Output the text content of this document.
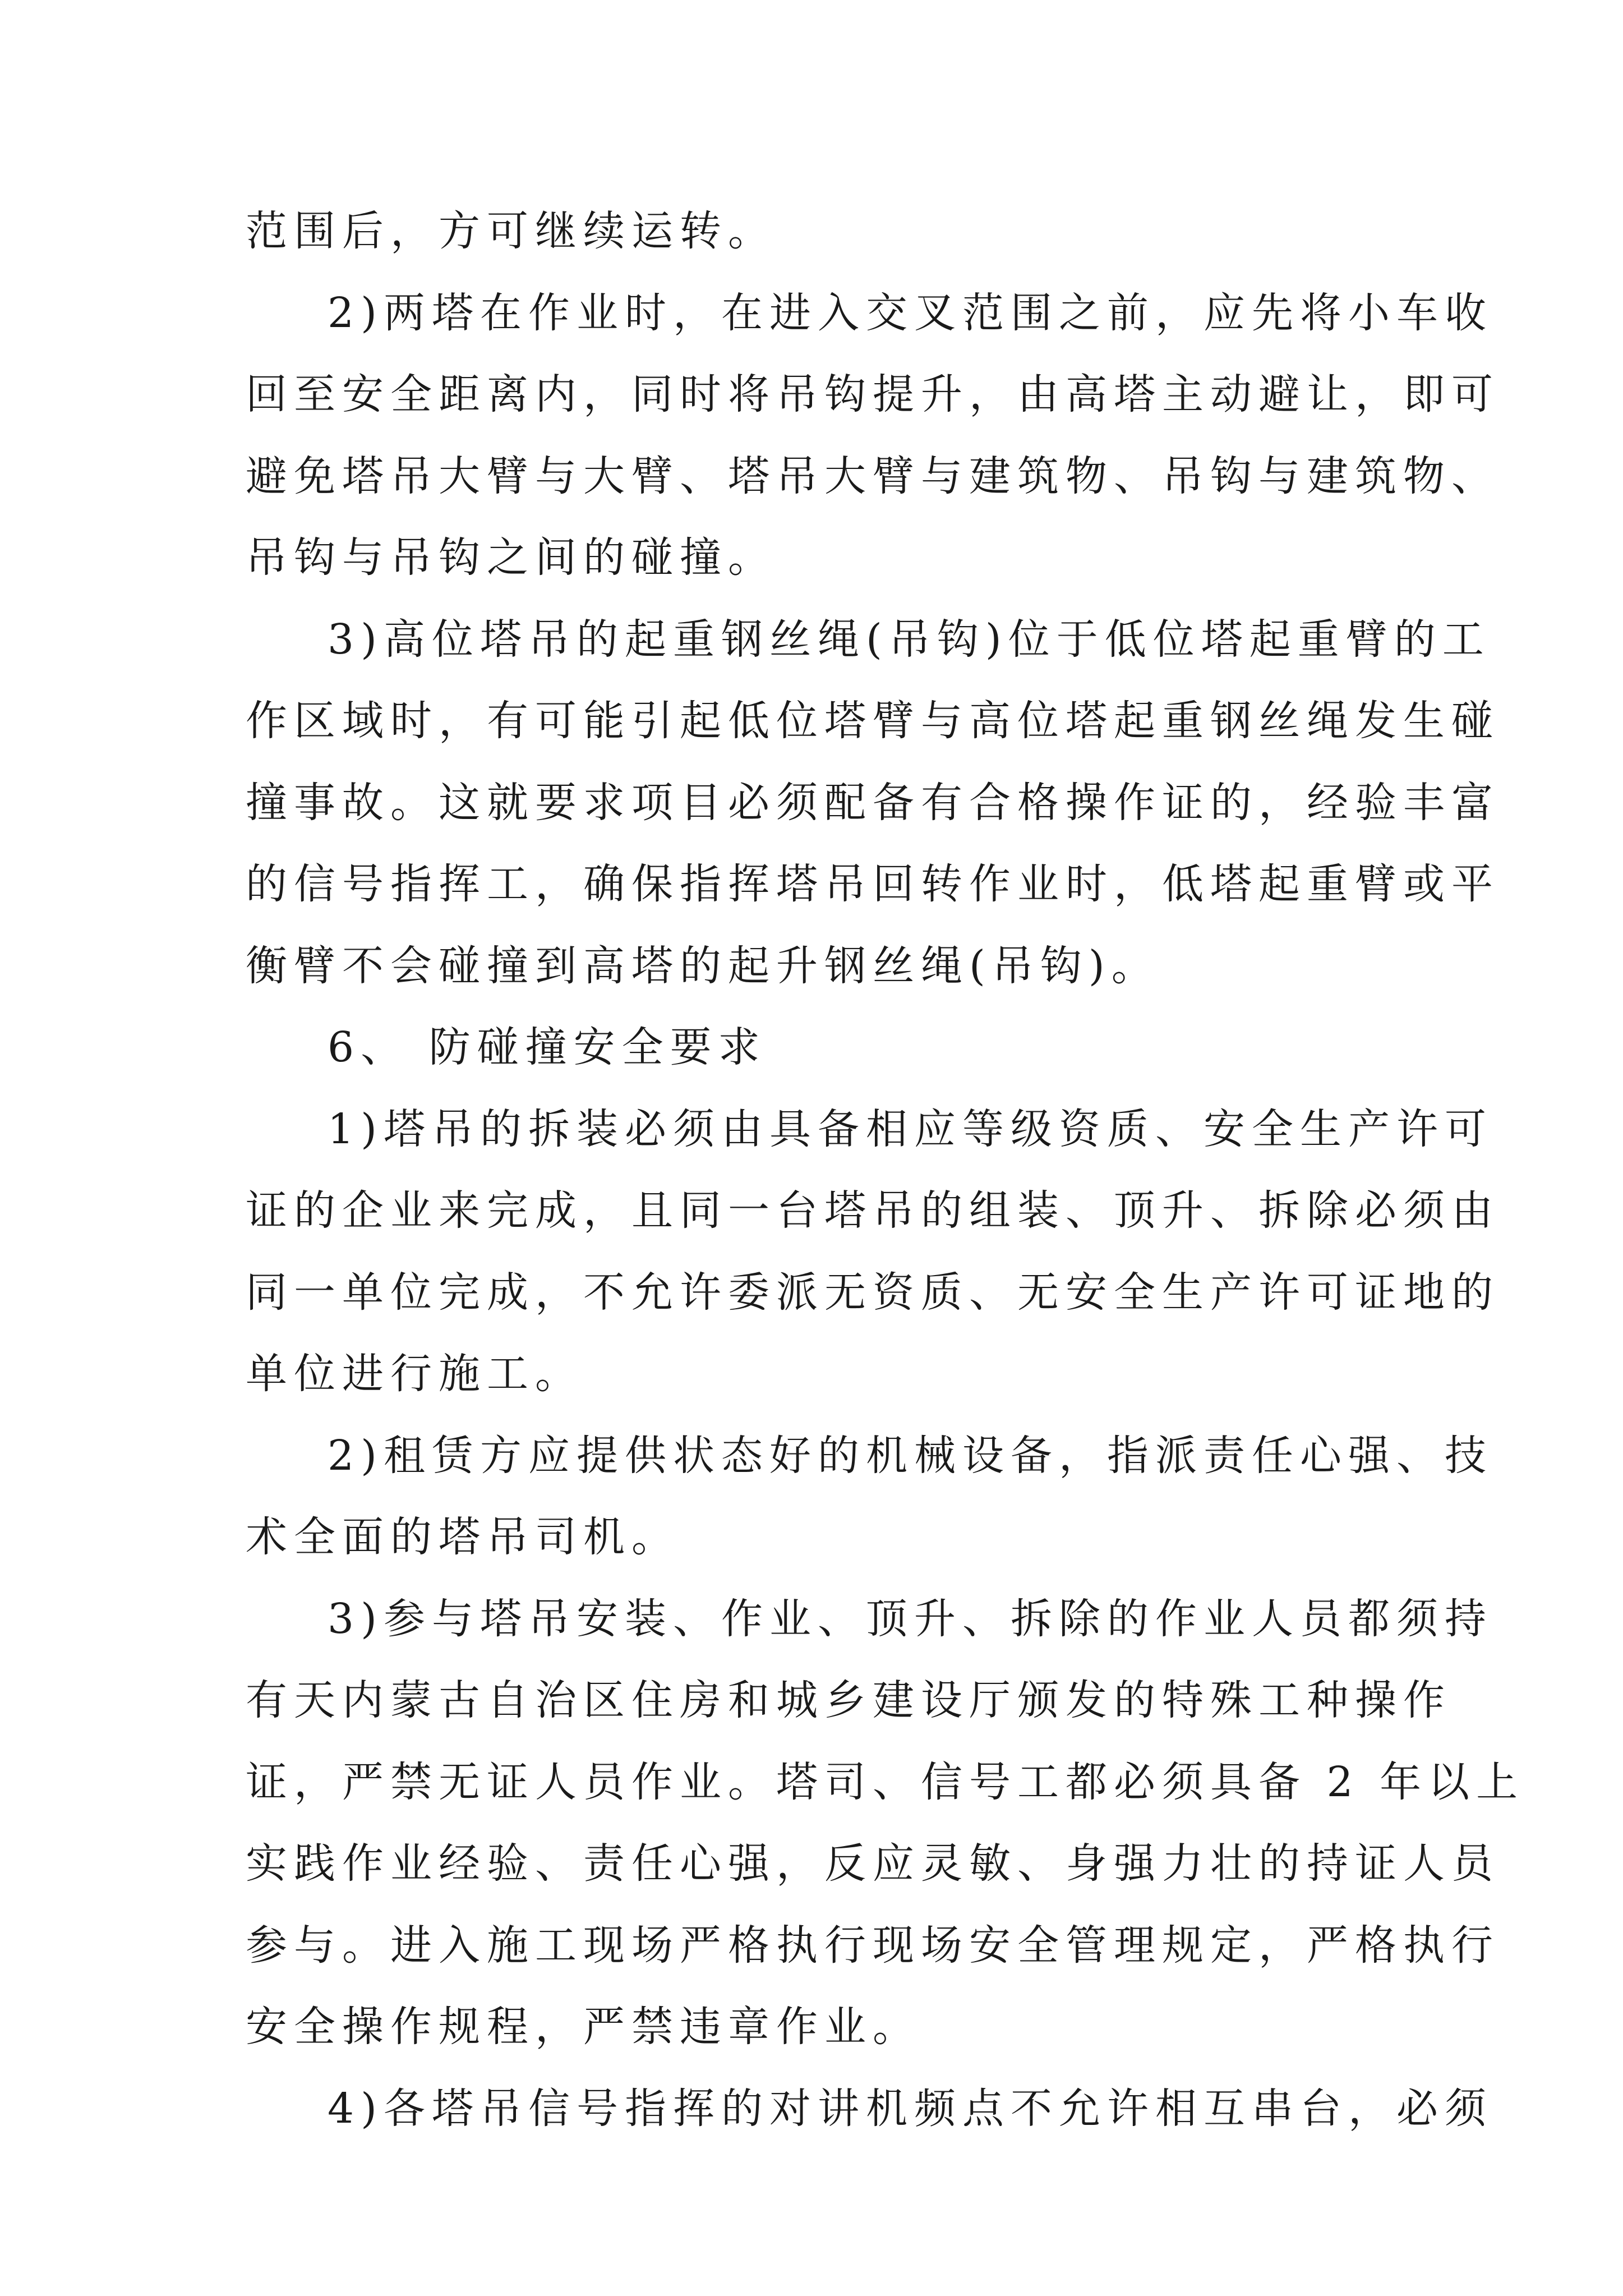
范围后，方可继续运转。
2)两塔在作业时，在进入交叉范围之前，应先将小车收
回至安全距离内，同时将吊钩提升，由高塔主动避让，即可
避免塔吊大臂与大臂、塔吊大臂与建筑物、吊钩与建筑物、
吊钩与吊钩之间的碰撞。
3)高位塔吊的起重钢丝绳(吊钩)位于低位塔起重臂的工
作区域时，有可能引起低位塔臂与高位塔起重钢丝绳发生碰
撞事故。这就要求项目必须配备有合格操作证的，经验丰富
的信号指挥工，确保指挥塔吊回转作业时，低塔起重臂或平
衡臂不会碰撞到高塔的起升钢丝绳(吊钩)。
6、 防碰撞安全要求
1)塔吊的拆装必须由具备相应等级资质、安全生产许可
证的企业来完成，且同一台塔吊的组装、顶升、拆除必须由
同一单位完成，不允许委派无资质、无安全生产许可证地的
单位进行施工。
2)租赁方应提供状态好的机械设备，指派责任心强、技
术全面的塔吊司机。
3)参与塔吊安装、作业、顶升、拆除的作业人员都须持
有天内蒙古自治区住房和城乡建设厅颁发的特殊工种操作
证，严禁无证人员作业。塔司、信号工都必须具备 2 年以上
实践作业经验、责任心强，反应灵敏、身强力壮的持证人员
参与。进入施工现场严格执行现场安全管理规定，严格执行
安全操作规程，严禁违章作业。
4)各塔吊信号指挥的对讲机频点不允许相互串台，必须
